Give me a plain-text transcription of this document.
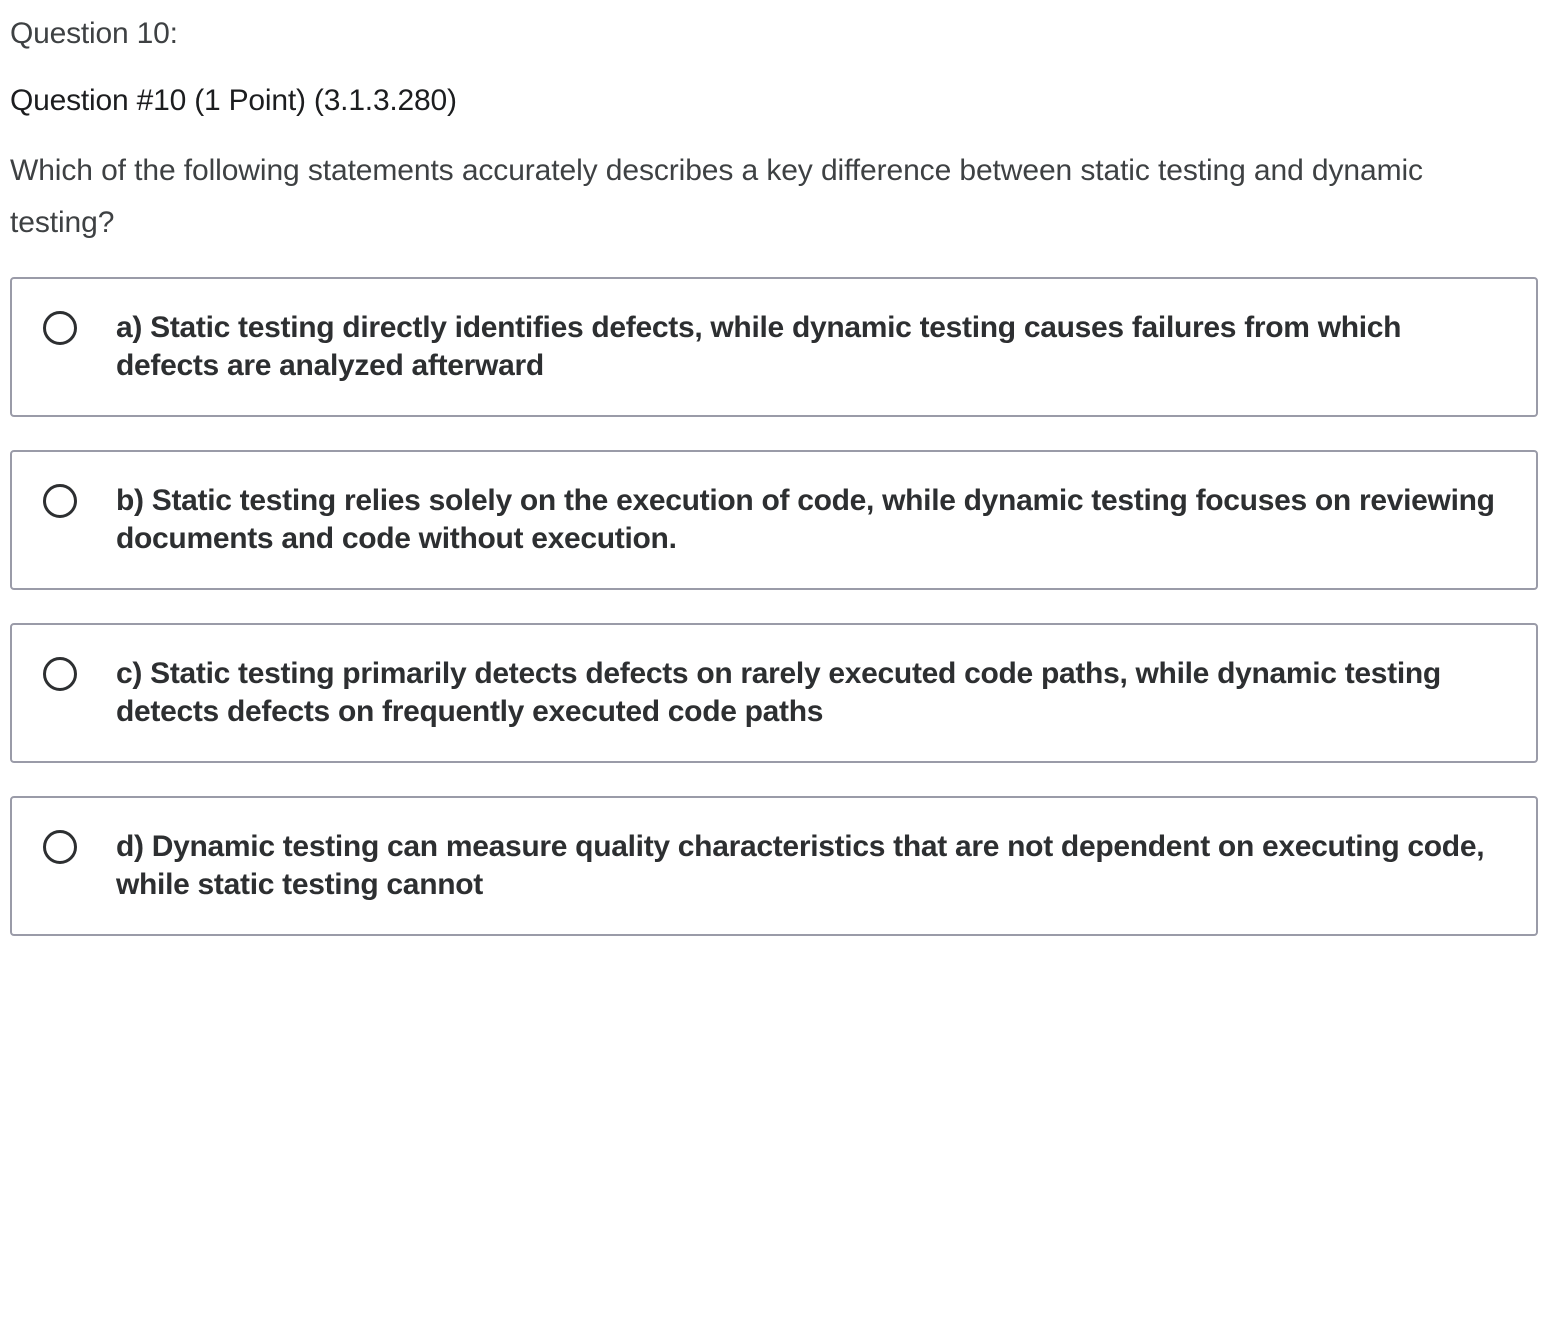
Question 10:
Question #10 (1 Point) (3.1.3.280)
Which of the following statements accurately describes a key difference between static testing and dynamic testing?
a) Static testing directly identifies defects, while dynamic testing causes failures from which defects are analyzed afterward
b) Static testing relies solely on the execution of code, while dynamic testing focuses on reviewing documents and code without execution.
c) Static testing primarily detects defects on rarely executed code paths, while dynamic testing detects defects on frequently executed code paths
d) Dynamic testing can measure quality characteristics that are not dependent on executing code, while static testing cannot
